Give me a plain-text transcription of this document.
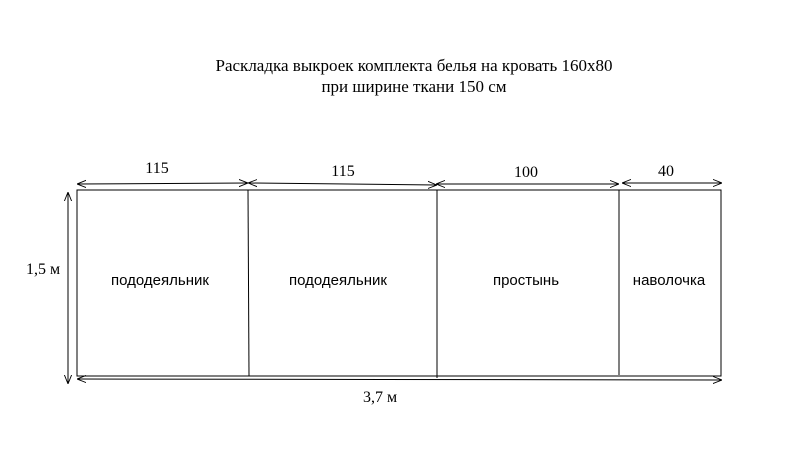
Раскладка выкроек комплекта белья на кровать 160х80
при ширине ткани 150 см
115	115	100	40
пододеяльник	пододеяльник	простынь	наволочка
1,5 м
3,7 м
